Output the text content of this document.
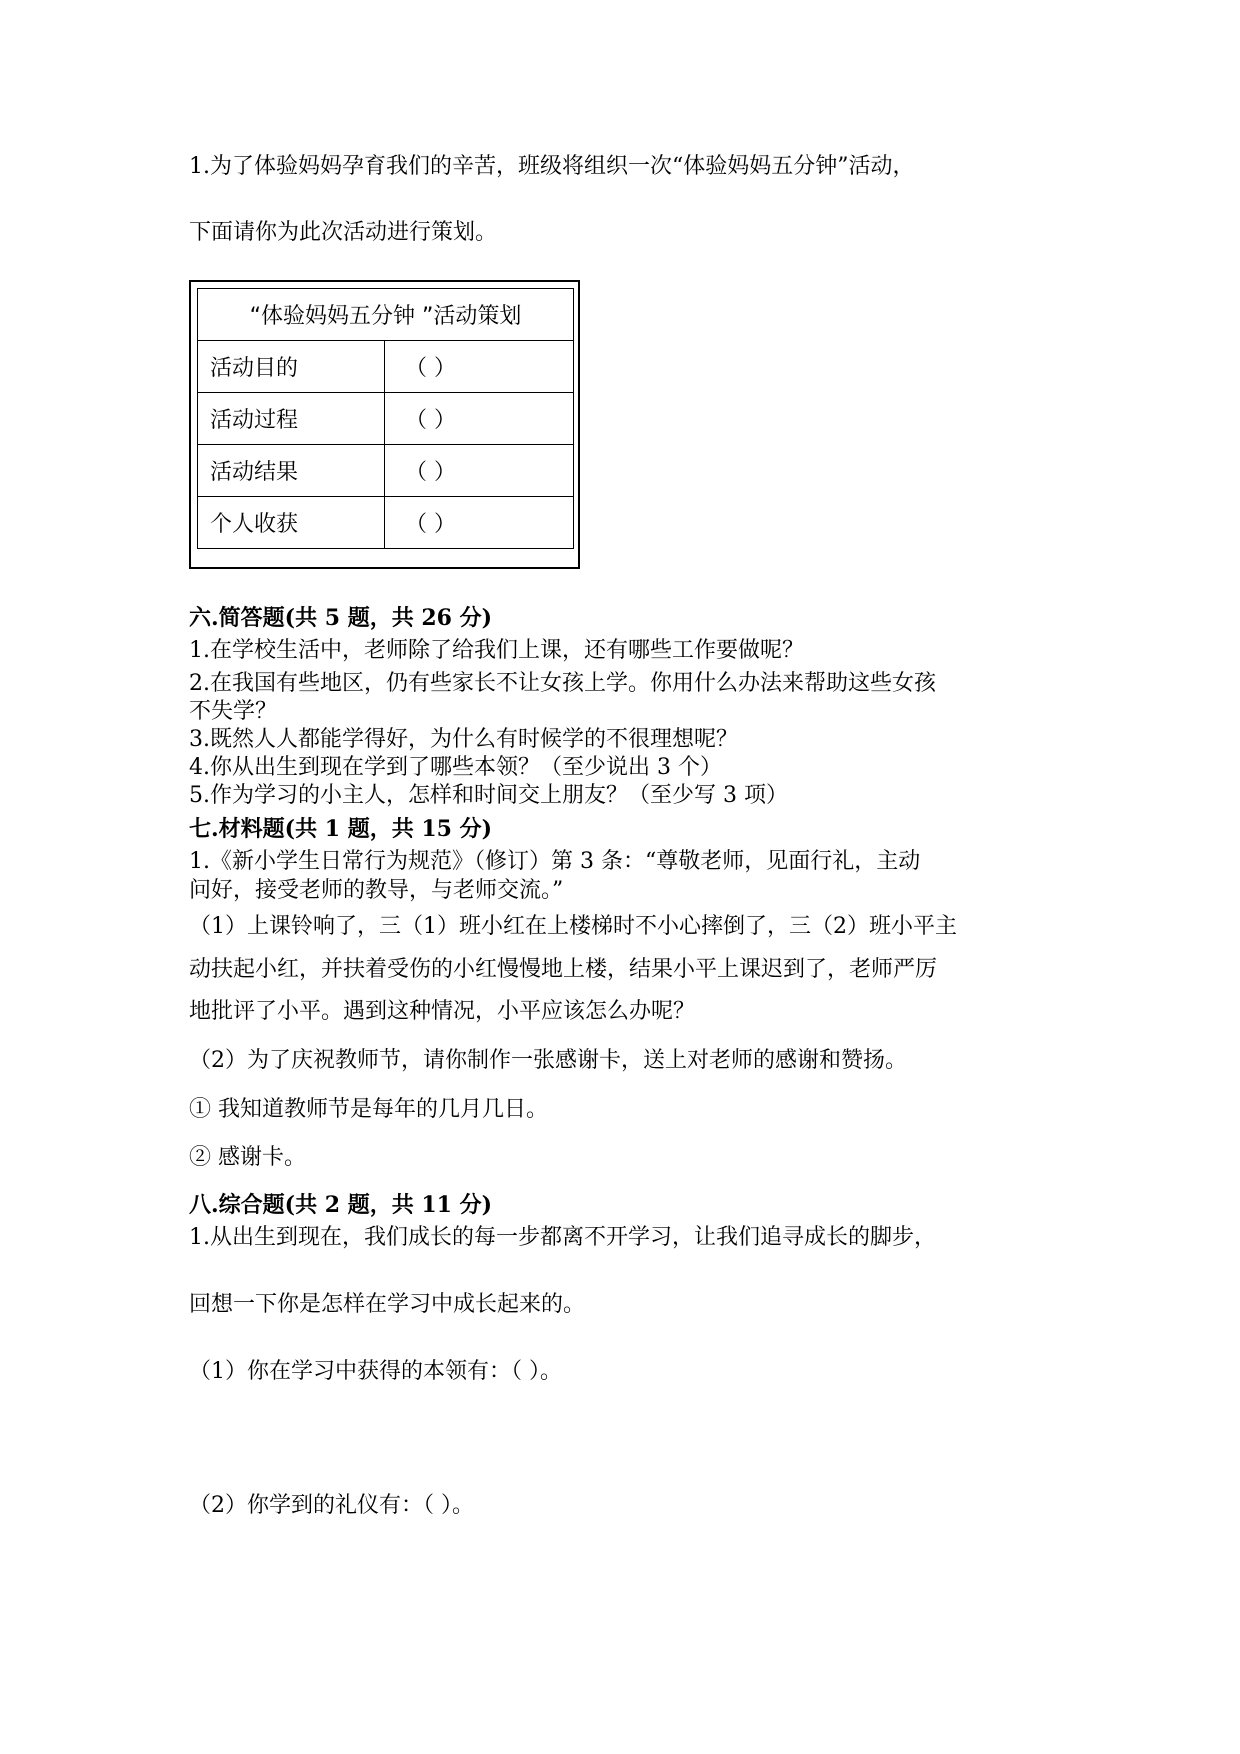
1.为了体验妈妈孕育我们的辛苦，班级将组织一次“体验妈妈五分钟”活动，
下面请你为此次活动进行策划。
“体验妈妈五分钟 ”活动策划	
活动目的	（ ）
活动过程	（ ）
活动结果	（ ）
个人收获	（ ）
六.简答题(共 5 题，共 26 分)
1.在学校生活中，老师除了给我们上课，还有哪些工作要做呢？
2.在我国有些地区，仍有些家长不让女孩上学。你用什么办法来帮助这些女孩
不失学？
3.既然人人都能学得好，为什么有时候学的不很理想呢？
4.你从出生到现在学到了哪些本领？（至少说出 3 个）
5.作为学习的小主人，怎样和时间交上朋友？（至少写 3 项）
七.材料题(共 1 题，共 15 分)
1.《新小学生日常行为规范》（修订）第 3 条：“尊敬老师，见面行礼，主动
问好，接受老师的教导，与老师交流。”
（1）上课铃响了，三（1）班小红在上楼梯时不小心摔倒了，三（2）班小平主
动扶起小红，并扶着受伤的小红慢慢地上楼，结果小平上课迟到了，老师严厉
地批评了小平。遇到这种情况，小平应该怎么办呢？
（2）为了庆祝教师节，请你制作一张感谢卡，送上对老师的感谢和赞扬。
① 我知道教师节是每年的几月几日。
② 感谢卡。
八.综合题(共 2 题，共 11 分)
1.从出生到现在，我们成长的每一步都离不开学习，让我们追寻成长的脚步，
回想一下你是怎样在学习中成长起来的。
（1）你在学习中获得的本领有：（ ）。
（2）你学到的礼仪有：（ ）。
